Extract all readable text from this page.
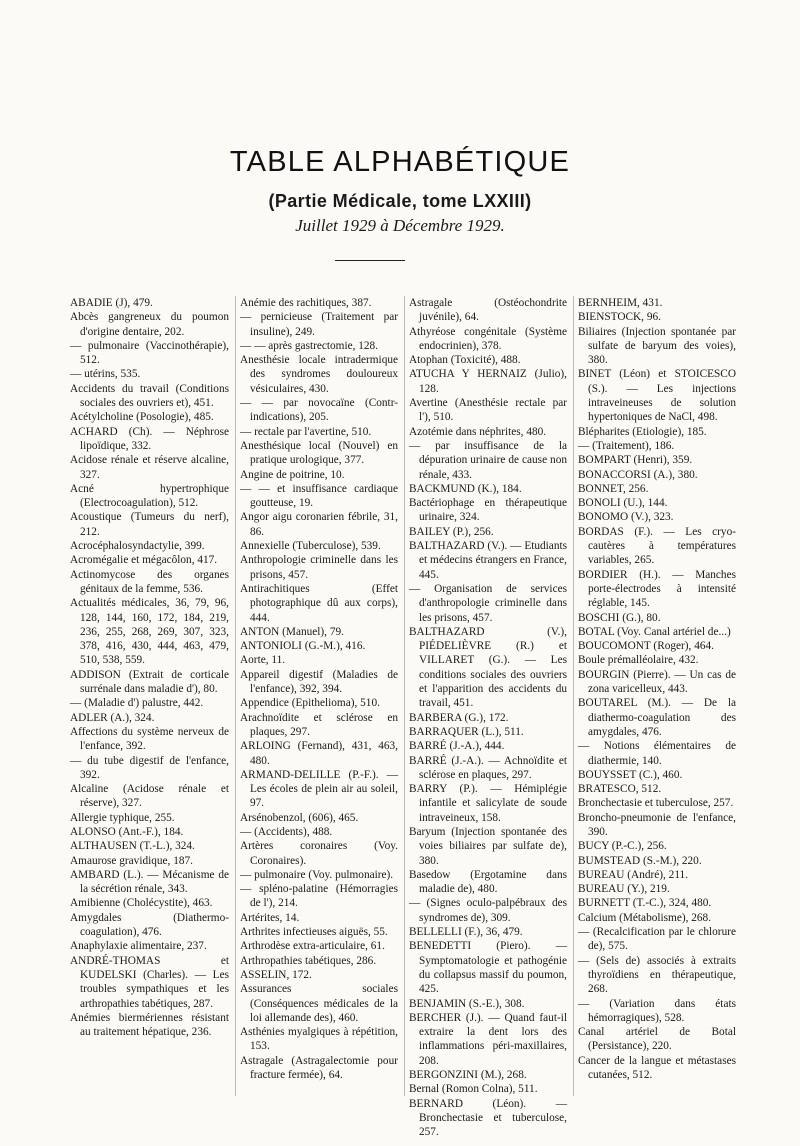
TABLE ALPHABÉTIQUE
(Partie Médicale, tome LXXIII)
Juillet 1929 à Décembre 1929.
ABADIE (J), 479.
Abcès gangreneux du poumon d'origine dentaire, 202.
— pulmonaire (Vaccinothérapie), 512.
— utérins, 535.
Accidents du travail (Conditions sociales des ouvriers et), 451.
Acétylcholine (Posologie), 485.
ACHARD (Ch). — Néphrose lipoïdique, 332.
Acidose rénale et réserve alcaline, 327.
Acné hypertrophique (Electrocoagulation), 512.
Acoustique (Tumeurs du nerf), 212.
Acrocéphalosyndactylie, 399.
Acromégalie et mégacôlon, 417.
Actinomycose des organes génitaux de la femme, 536.
Actualités médicales, 36, 79, 96, 128, 144, 160, 172, 184, 219, 236, 255, 268, 269, 307, 323, 378, 416, 430, 444, 463, 479, 510, 538, 559.
ADDISON (Extrait de corticale surrénale dans maladie d'), 80.
— (Maladie d') palustre, 442.
ADLER (A.), 324.
Affections du système nerveux de l'enfance, 392.
— du tube digestif de l'enfance, 392.
Alcaline (Acidose rénale et réserve), 327.
Allergie typhique, 255.
ALONSO (Ant.-F.), 184.
ALTHAUSEN (T.-L.), 324.
Amaurose gravidique, 187.
AMBARD (L.). — Mécanisme de la sécrétion rénale, 343.
Amibienne (Cholécystite), 463.
Amygdales (Diathermo-coagulation), 476.
Anaphylaxie alimentaire, 237.
ANDRÉ-THOMAS et KUDELSKI (Charles). — Les troubles sympathiques et les arthropathies tabétiques, 287.
Anémies biermériennes résistant au traitement hépatique, 236.
Anémie des rachitiques, 387.
— pernicieuse (Traitement par insuline), 249.
— — après gastrectomie, 128.
Anesthésie locale intradermique des syndromes douloureux vésiculaires, 430.
— — par novocaïne (Contr-indications), 205.
— rectale par l'avertine, 510.
Anesthésique local (Nouvel) en pratique urologique, 377.
Angine de poitrine, 10.
— — et insuffisance cardiaque goutteuse, 19.
Angor aigu coronarien fébrile, 31, 86.
Annexielle (Tuberculose), 539.
Anthropologie criminelle dans les prisons, 457.
Antirachitiques (Effet photographique dû aux corps), 444.
ANTON (Manuel), 79.
ANTONIOLI (G.-M.), 416.
Aorte, 11.
Appareil digestif (Maladies de l'enfance), 392, 394.
Appendice (Epithelioma), 510.
Arachnoïdite et sclérose en plaques, 297.
ARLOING (Fernand), 431, 463, 480.
ARMAND-DELILLE (P.-F.). — Les écoles de plein air au soleil, 97.
Arsénobenzol, (606), 465.
— (Accidents), 488.
Artères coronaires (Voy. Coronaires).
— pulmonaire (Voy. pulmonaire).
— spléno-palatine (Hémorragies de l'), 214.
Artérites, 14.
Arthrites infectieuses aiguës, 55.
Arthrodèse extra-articulaire, 61.
Arthropathies tabétiques, 286.
ASSELIN, 172.
Assurances sociales (Conséquences médicales de la loi allemande des), 460.
Asthénies myalgiques à répétition, 153.
Astragale (Astragalectomie pour fracture fermée), 64.
Astragale (Ostéochondrite juvénile), 64.
Athyréose congénitale (Système endocrinien), 378.
Atophan (Toxicité), 488.
ATUCHA Y HERNAIZ (Julio), 128.
Avertine (Anesthésie rectale par l'), 510.
Azotémie dans néphrites, 480.
— par insuffisance de la dépuration urinaire de cause non rénale, 433.
BACKMUND (K.), 184.
Bactériophage en thérapeutique urinaire, 324.
BAILEY (P.), 256.
BALTHAZARD (V.). — Etudiants et médecins étrangers en France, 445.
— Organisation de services d'anthropologie criminelle dans les prisons, 457.
BALTHAZARD (V.), PIÉDELIÈVRE (R.) et VILLARET (G.). — Les conditions sociales des ouvriers et l'apparition des accidents du travail, 451.
BARBERA (G.), 172.
BARRAQUER (L.), 511.
BARRÉ (J.-A.), 444.
BARRÉ (J.-A.). — Achnoïdite et sclérose en plaques, 297.
BARRY (P.). — Hémiplégie infantile et salicylate de soude intraveineux, 158.
Baryum (Injection spontanée des voies biliaires par sulfate de), 380.
Basedow (Ergotamine dans maladie de), 480.
— (Signes oculo-palpébraux des syndromes de), 309.
BELLELLI (F.), 36, 479.
BENEDETTI (Piero). — Symptomatologie et pathogénie du collapsus massif du poumon, 425.
BENJAMIN (S.-E.), 308.
BERCHER (J.). — Quand faut-il extraire la dent lors des inflammations péri-maxillaires, 208.
BERGONZINI (M.), 268.
Bernal (Romon Colna), 511.
BERNARD (Léon). — Bronchectasie et tuberculose, 257.
BERNHEIM, 431.
BIENSTOCK, 96.
Biliaires (Injection spontanée par sulfate de baryum des voies), 380.
BINET (Léon) et STOICESCO (S.). — Les injections intraveineuses de solution hypertoniques de NaCl, 498.
Blépharites (Etiologie), 185.
— (Traitement), 186.
BOMPART (Henri), 359.
BONACCORSI (A.), 380.
BONNET, 256.
BONOLI (U.), 144.
BONOMO (V.), 323.
BORDAS (F.). — Les cryo-cautères à températures variables, 265.
BORDIER (H.). — Manches porte-électrodes à intensité réglable, 145.
BOSCHI (G.), 80.
BOTAL (Voy. Canal artériel de...)
BOUCOMONT (Roger), 464.
Boule prémalléolaire, 432.
BOURGIN (Pierre). — Un cas de zona varicelleux, 443.
BOUTAREL (M.). — De la diathermo-coagulation des amygdales, 476.
— Notions élémentaires de diathermie, 140.
BOUYSSET (C.), 460.
BRATESCO, 512.
Bronchectasie et tuberculose, 257.
Broncho-pneumonie de l'enfance, 390.
BUCY (P.-C.), 256.
BUMSTEAD (S.-M.), 220.
BUREAU (André), 211.
BUREAU (Y.), 219.
BURNETT (T.-C.), 324, 480.
Calcium (Métabolisme), 268.
— (Recalcification par le chlorure de), 575.
— (Sels de) associés à extraits thyroïdiens en thérapeutique, 268.
— (Variation dans états hémorragiques), 528.
Canal artériel de Botal (Persistance), 220.
Cancer de la langue et métastases cutanées, 512.
